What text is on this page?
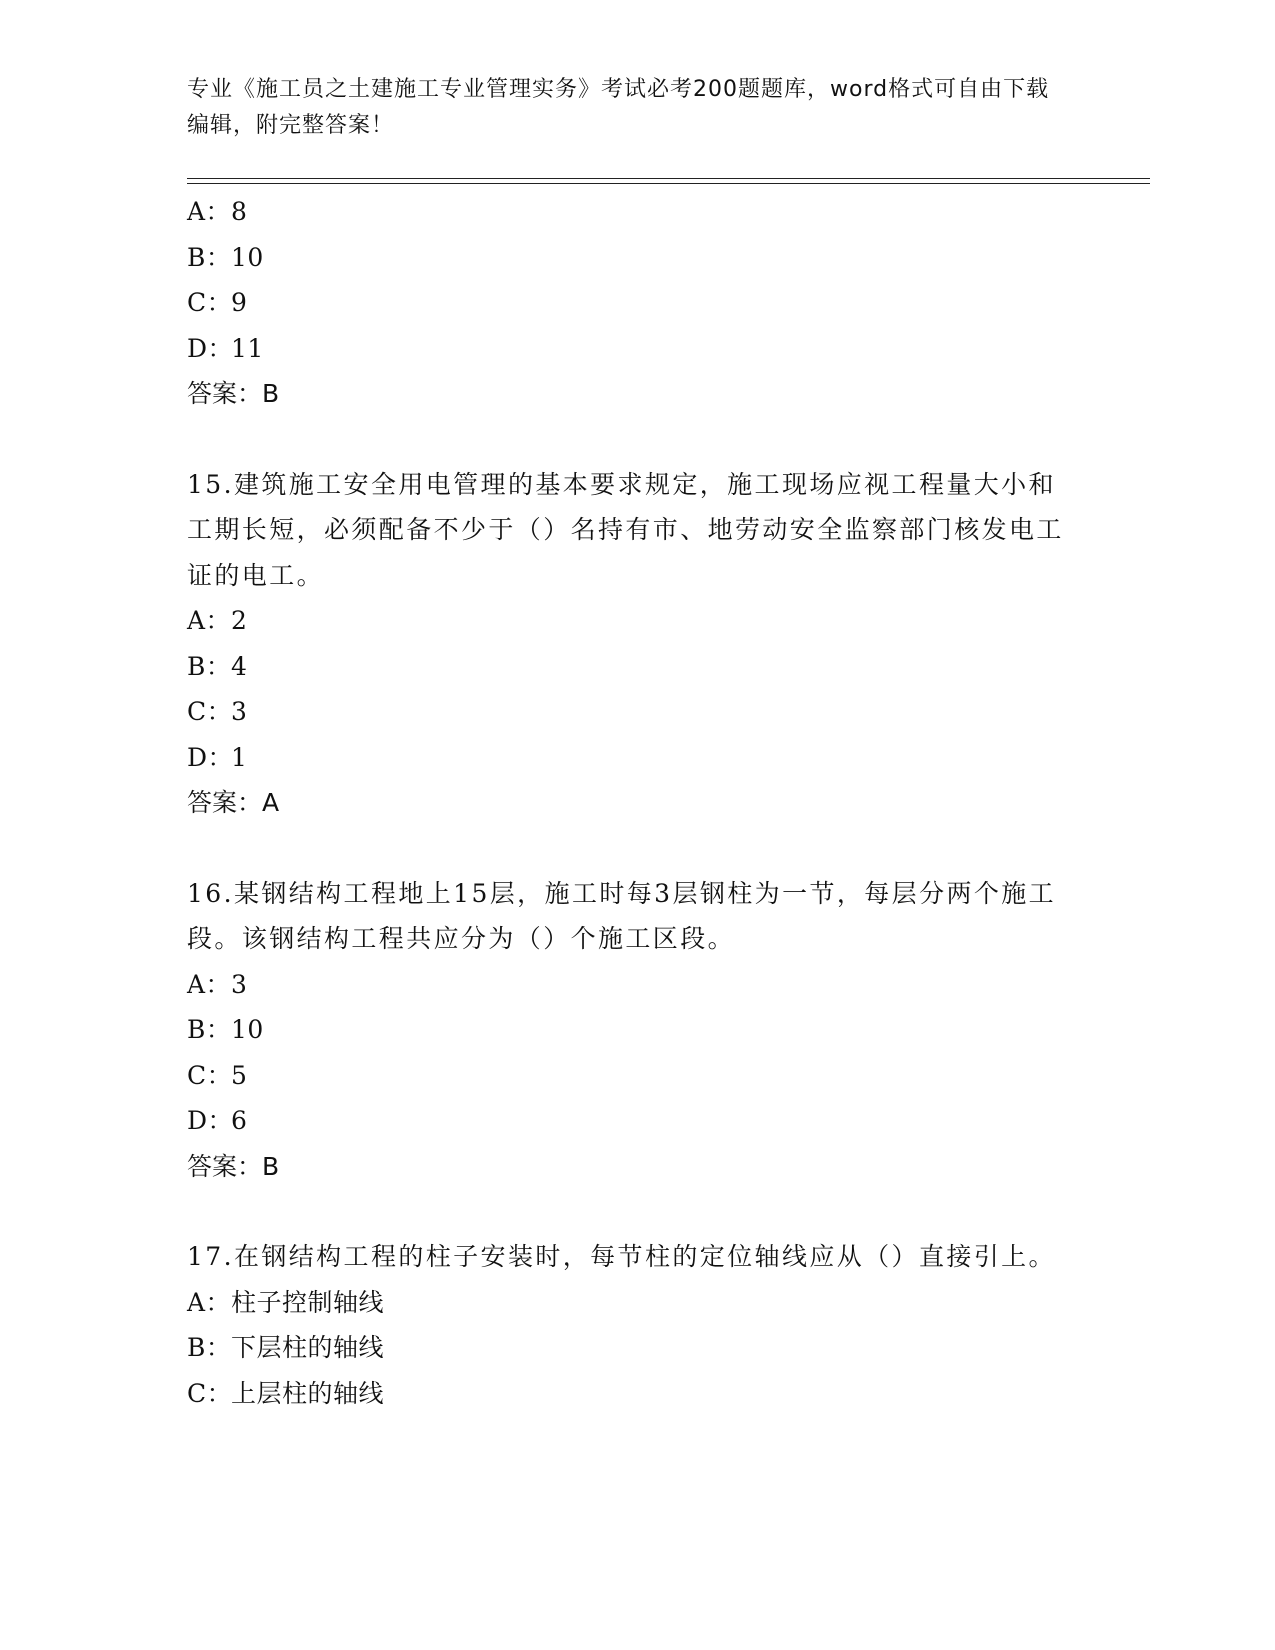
专业《施工员之土建施工专业管理实务》考试必考200题题库，word格式可自由下载编辑，附完整答案！
A：8
B：10
C：9
D：11
答案：B
15.建筑施工安全用电管理的基本要求规定，施工现场应视工程量大小和工期长短，必须配备不少于（）名持有市、地劳动安全监察部门核发电工证的电工。
A：2
B：4
C：3
D：1
答案：A
16.某钢结构工程地上15层，施工时每3层钢柱为一节，每层分两个施工段。该钢结构工程共应分为（）个施工区段。
A：3
B：10
C：5
D：6
答案：B
17.在钢结构工程的柱子安装时，每节柱的定位轴线应从（）直接引上。
A：柱子控制轴线
B：下层柱的轴线
C：上层柱的轴线
